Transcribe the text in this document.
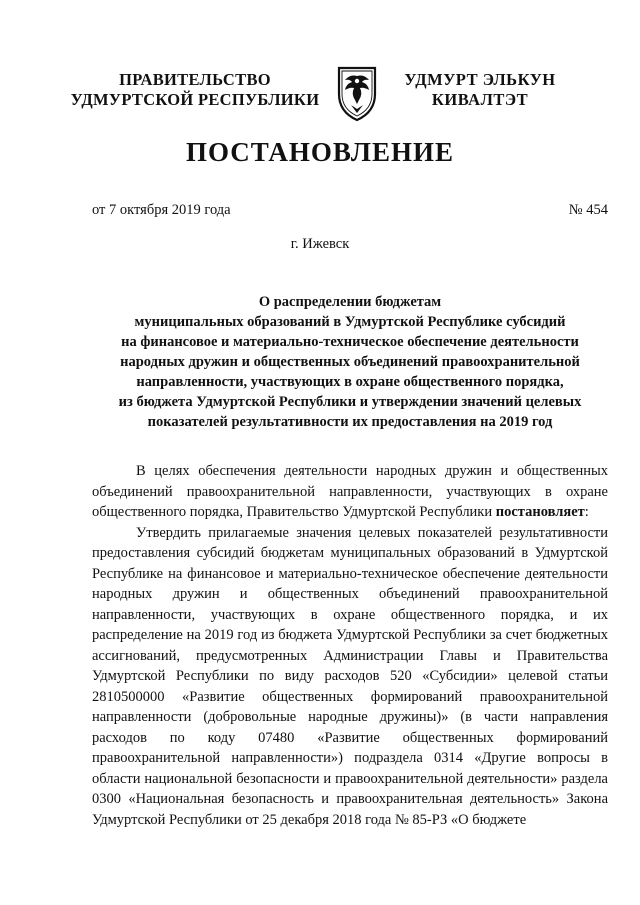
ПРАВИТЕЛЬСТВО
УДМУРТСКОЙ РЕСПУБЛИКИ
УДМУРТ ЭЛЬКУН
КИВАЛТЭТ
ПОСТАНОВЛЕНИЕ
от 7 октября 2019 года	№ 454
г. Ижевск
О распределении бюджетам
муниципальных образований в Удмуртской Республике субсидий
на финансовое и материально-техническое обеспечение деятельности
народных дружин и общественных объединений правоохранительной
направленности, участвующих в охране общественного порядка,
из бюджета Удмуртской Республики и утверждении значений целевых
показателей результативности их предоставления на 2019 год

В целях обеспечения деятельности народных дружин и общественных объединений правоохранительной направленности, участвующих в охране общественного порядка, Правительство Удмуртской Республики постановляет:

Утвердить прилагаемые значения целевых показателей результативности предоставления субсидий бюджетам муниципальных образований в Удмуртской Республике на финансовое и материально-техническое обеспечение деятельности народных дружин и общественных объединений правоохранительной направленности, участвующих в охране общественного порядка, и их распределение на 2019 год из бюджета Удмуртской Республики за счет бюджетных ассигнований, предусмотренных Администрации Главы и Правительства Удмуртской Республики по виду расходов 520 «Субсидии» целевой статьи 2810500000 «Развитие общественных формирований правоохранительной направленности (добровольные народные дружины)» (в части направления расходов по коду 07480 «Развитие общественных формирований правоохранительной направленности») подраздела 0314 «Другие вопросы в области национальной безопасности и правоохранительной деятельности» раздела 0300 «Национальная безопасность и правоохранительная деятельность» Закона Удмуртской Республики от 25 декабря 2018 года № 85-РЗ «О бюджете
